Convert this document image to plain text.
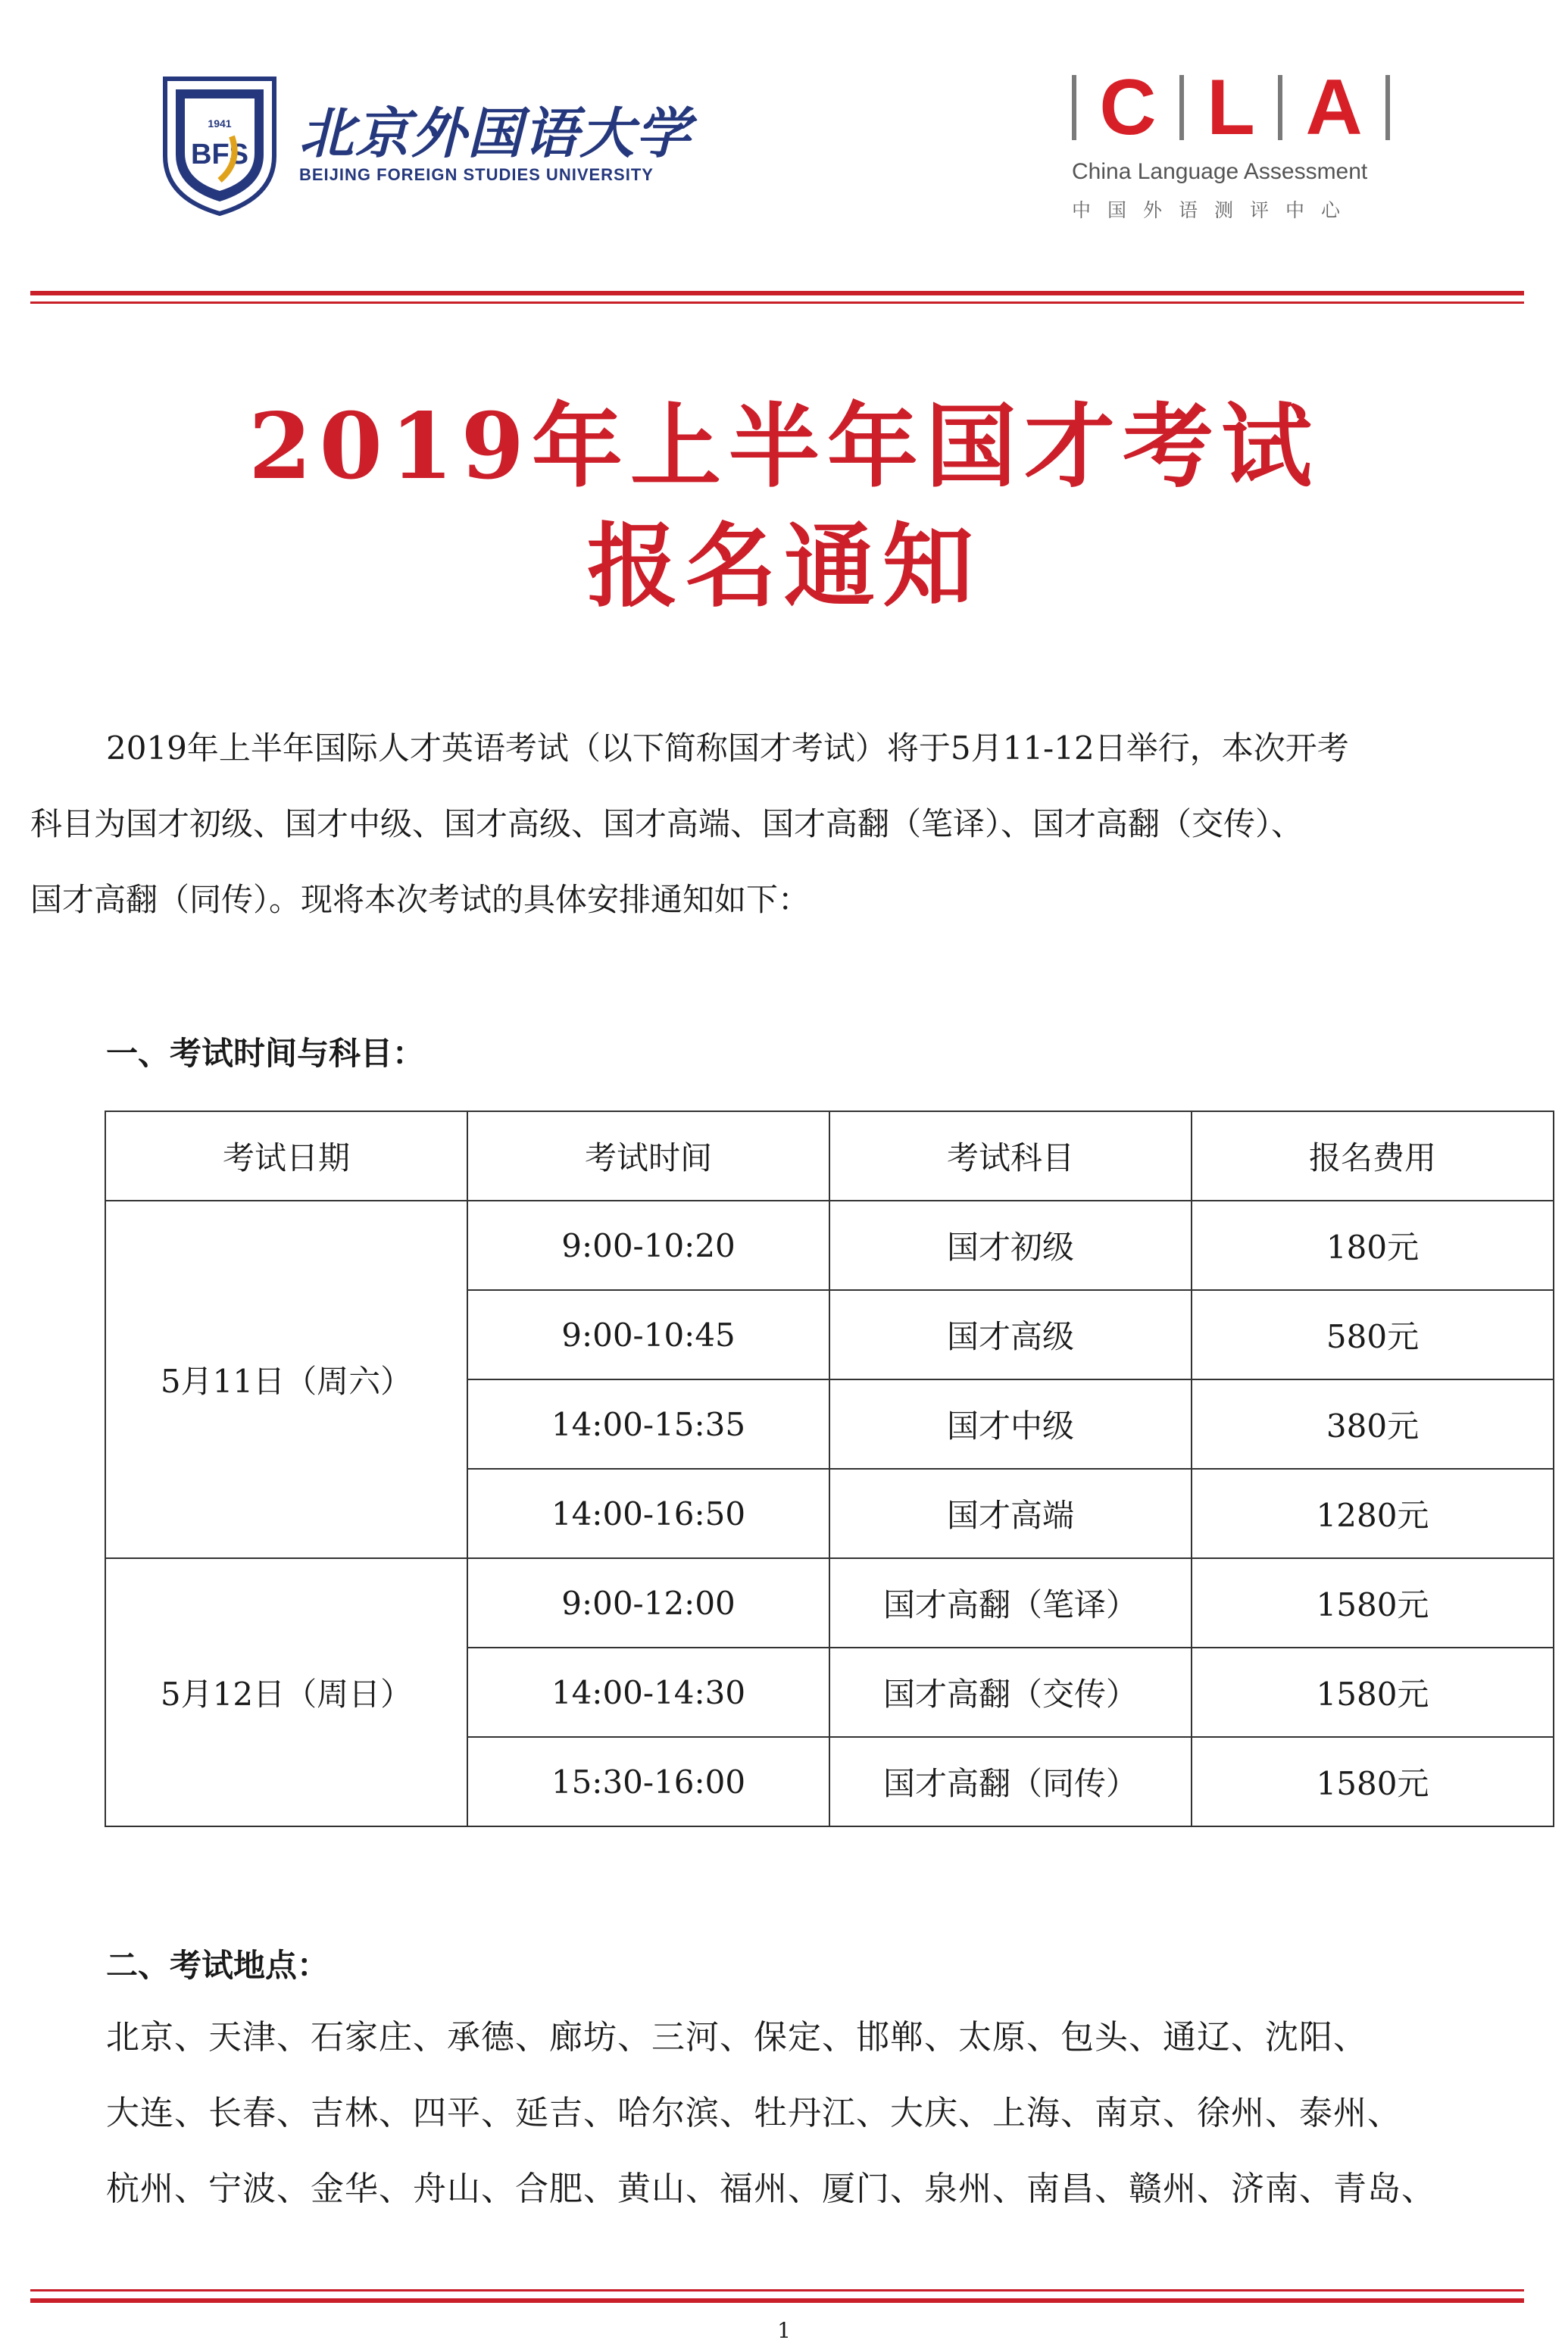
1941
BFS 北京外国语大学
BEIJING FOREIGN STUDIES UNIVERSITY
C L A
China Language Assessment
中国外语测评中心
2019年上半年国才考试
报名通知
2019年上半年国际人才英语考试（以下简称国才考试）将于5月11-12日举行，本次开考
科目为国才初级、国才中级、国才高级、国才高端、国才高翻（笔译）、国才高翻（交传）、
国才高翻（同传）。现将本次考试的具体安排通知如下：
一、考试时间与科目：
考试日期	考试时间	考试科目	报名费用
5月11日（周六）	9:00-10:20	国才初级	180元
	9:00-10:45	国才高级	580元
	14:00-15:35	国才中级	380元
	14:00-16:50	国才高端	1280元
5月12日（周日）	9:00-12:00	国才高翻（笔译）	1580元
	14:00-14:30	国才高翻（交传）	1580元
	15:30-16:00	国才高翻（同传）	1580元
二、考试地点：
北京、天津、石家庄、承德、廊坊、三河、保定、邯郸、太原、包头、通辽、沈阳、
大连、长春、吉林、四平、延吉、哈尔滨、牡丹江、大庆、上海、南京、徐州、泰州、
杭州、宁波、金华、舟山、合肥、黄山、福州、厦门、泉州、南昌、赣州、济南、青岛、
1
